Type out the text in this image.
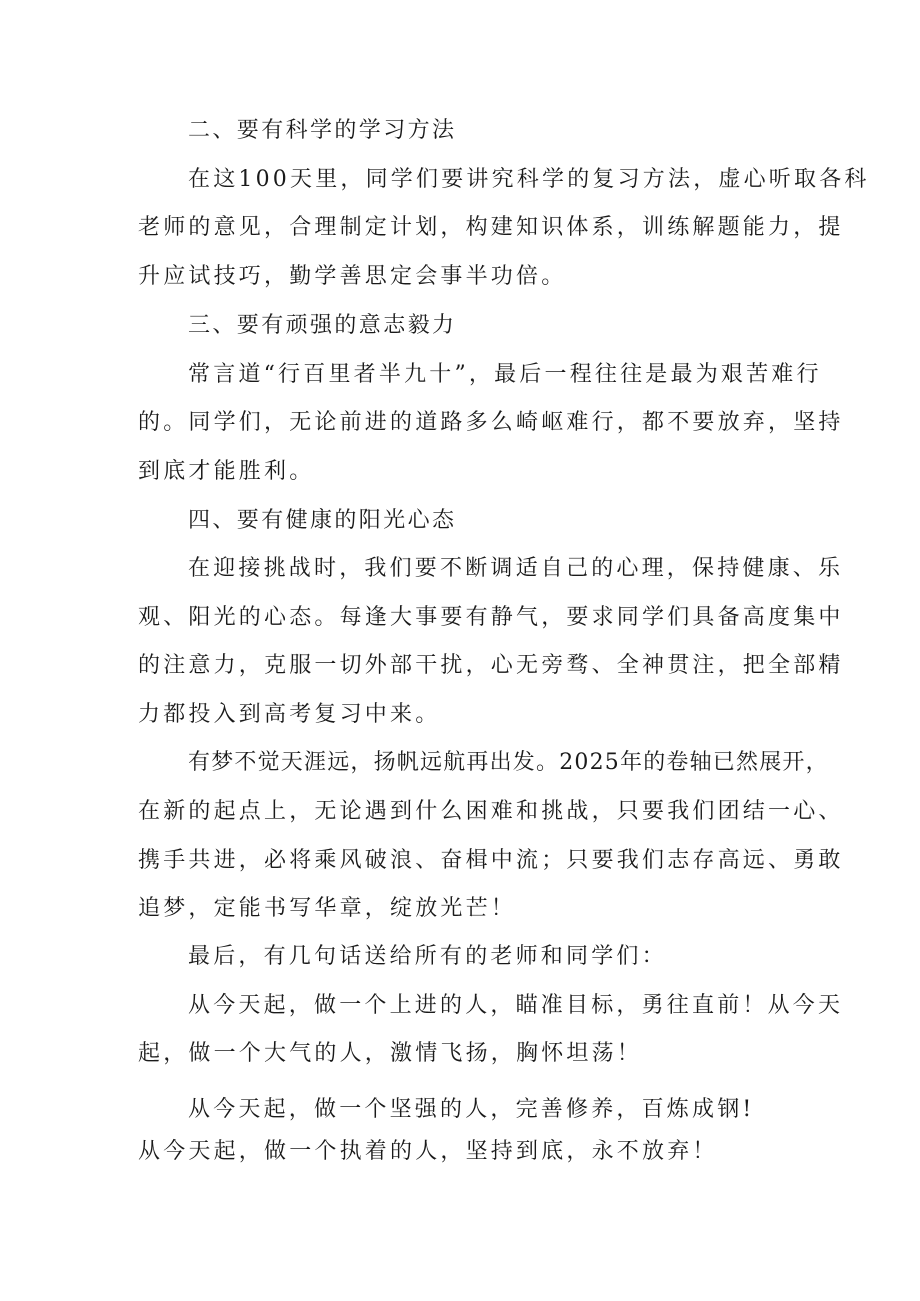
二、要有科学的学习方法

在这100天里，同学们要讲究科学的复习方法，虚心听取各科

老师的意见，合理制定计划，构建知识体系，训练解题能力，提

升应试技巧，勤学善思定会事半功倍。

三、要有顽强的意志毅力

常言道“行百里者半九十”，最后一程往往是最为艰苦难行

的。同学们，无论前进的道路多么崎岖难行，都不要放弃，坚持

到底才能胜利。

四、要有健康的阳光心态

在迎接挑战时，我们要不断调适自己的心理，保持健康、乐

观、阳光的心态。每逢大事要有静气，要求同学们具备高度集中

的注意力，克服一切外部干扰，心无旁骛、全神贯注，把全部精

力都投入到高考复习中来。

有梦不觉天涯远，扬帆远航再出发。2025年的卷轴已然展开，

在新的起点上，无论遇到什么困难和挑战，只要我们团结一心、

携手共进，必将乘风破浪、奋楫中流；只要我们志存高远、勇敢

追梦，定能书写华章，绽放光芒！

最后，有几句话送给所有的老师和同学们：

从今天起，做一个上进的人，瞄准目标，勇往直前！从今天

起，做一个大气的人，激情飞扬，胸怀坦荡！

从今天起，做一个坚强的人，完善修养，百炼成钢!

从今天起，做一个执着的人，坚持到底，永不放弃！
